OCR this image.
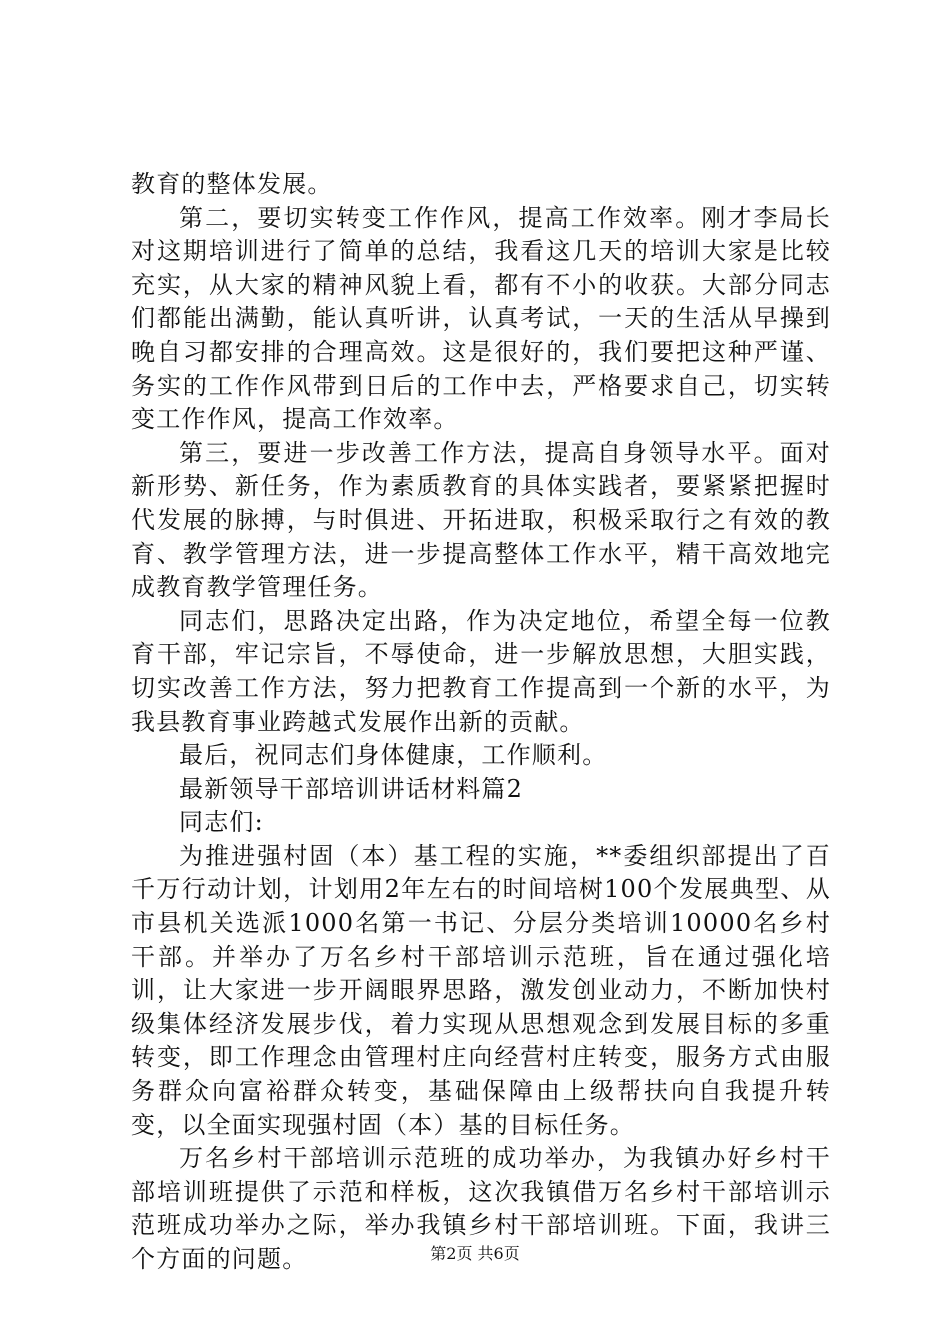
教育的整体发展。

第二，要切实转变工作作风，提高工作效率。刚才李局长对这期培训进行了简单的总结，我看这几天的培训大家是比较充实，从大家的精神风貌上看，都有不小的收获。大部分同志们都能出满勤，能认真听讲，认真考试，一天的生活从早操到晚自习都安排的合理高效。这是很好的，我们要把这种严谨、务实的工作作风带到日后的工作中去，严格要求自己，切实转变工作作风，提高工作效率。

第三，要进一步改善工作方法，提高自身领导水平。面对新形势、新任务，作为素质教育的具体实践者，要紧紧把握时代发展的脉搏，与时俱进、开拓进取，积极采取行之有效的教育、教学管理方法，进一步提高整体工作水平，精干高效地完成教育教学管理任务。

同志们，思路决定出路，作为决定地位，希望全每一位教育干部，牢记宗旨，不辱使命，进一步解放思想，大胆实践，切实改善工作方法，努力把教育工作提高到一个新的水平，为我县教育事业跨越式发展作出新的贡献。

最后，祝同志们身体健康，工作顺利。

最新领导干部培训讲话材料篇2

同志们:

为推进强村固（本）基工程的实施，**委组织部提出了百千万行动计划，计划用2年左右的时间培树100个发展典型、从市县机关选派1000名第一书记、分层分类培训10000名乡村干部。并举办了万名乡村干部培训示范班，旨在通过强化培训，让大家进一步开阔眼界思路，激发创业动力，不断加快村级集体经济发展步伐，着力实现从思想观念到发展目标的多重转变，即工作理念由管理村庄向经营村庄转变，服务方式由服务群众向富裕群众转变，基础保障由上级帮扶向自我提升转变，以全面实现强村固（本）基的目标任务。

万名乡村干部培训示范班的成功举办，为我镇办好乡村干部培训班提供了示范和样板，这次我镇借万名乡村干部培训示范班成功举办之际，举办我镇乡村干部培训班。下面，我讲三个方面的问题。	第2页 共6页
